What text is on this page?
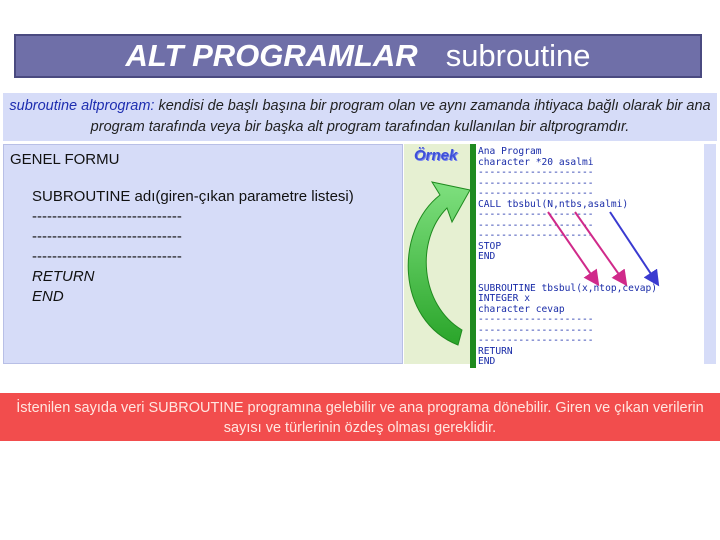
ALT PROGRAMLAR subroutine
subroutine altprogram: kendisi de başlı başına bir program olan ve aynı zamanda ihtiyaca bağlı olarak bir ana program tarafında veya bir başka alt program tarafından kullanılan bir altprogramdır.
GENEL FORMU
SUBROUTINE adı(giren-çıkan parametre listesi)
------------------------------
------------------------------
------------------------------
RETURN
END
Örnek Ana Program
character *20 asalmi
--------------------
--------------------
--------------------
CALL tbsbul(N,ntbs,asalmi)
--------------------
--------------------
--------------------
STOP
END
SUBROUTINE tbsbul(x,ntop,cevap)
INTEGER x
character cevap
--------------------
--------------------
--------------------
RETURN
END
İstenilen sayıda veri SUBROUTINE programına gelebilir ve ana programa dönebilir. Giren ve çıkan verilerin sayısı ve türlerinin özdeş olması gereklidir.
